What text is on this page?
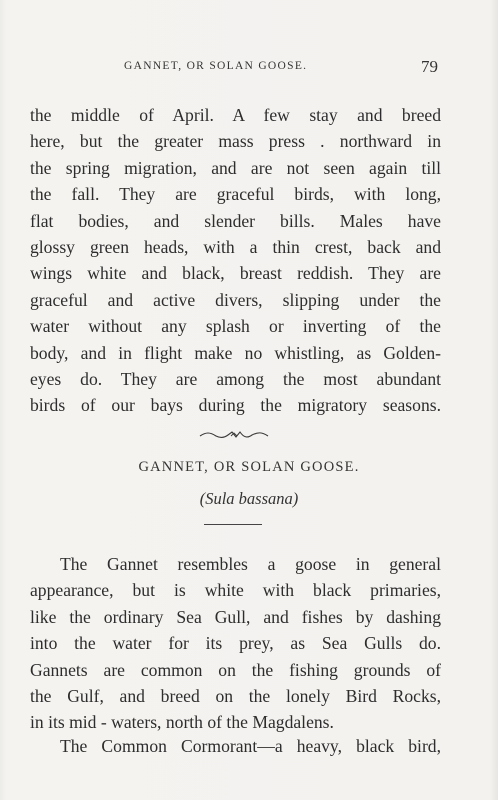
GANNET, OR SOLAN GOOSE.	79
the middle of April. A few stay and breed
here, but the greater mass press . northward in
the spring migration, and are not seen again till
the fall. They are graceful birds, with long,
flat bodies, and slender bills. Males have
glossy green heads, with a thin crest, back and
wings white and black, breast reddish. They are
graceful and active divers, slipping under the
water without any splash or inverting of the
body, and in flight make no whistling, as Golden-
eyes do. They are among the most abundant
birds of our bays during the migratory seasons.
GANNET, OR SOLAN GOOSE.
(Sula bassana)
The Gannet resembles a goose in general
appearance, but is white with black primaries,
like the ordinary Sea Gull, and fishes by dashing
into the water for its prey, as Sea Gulls do.
Gannets are common on the fishing grounds of
the Gulf, and breed on the lonely Bird Rocks,
in its mid - waters, north of the Magdalens.
The Common Cormorant—a heavy, black bird,
